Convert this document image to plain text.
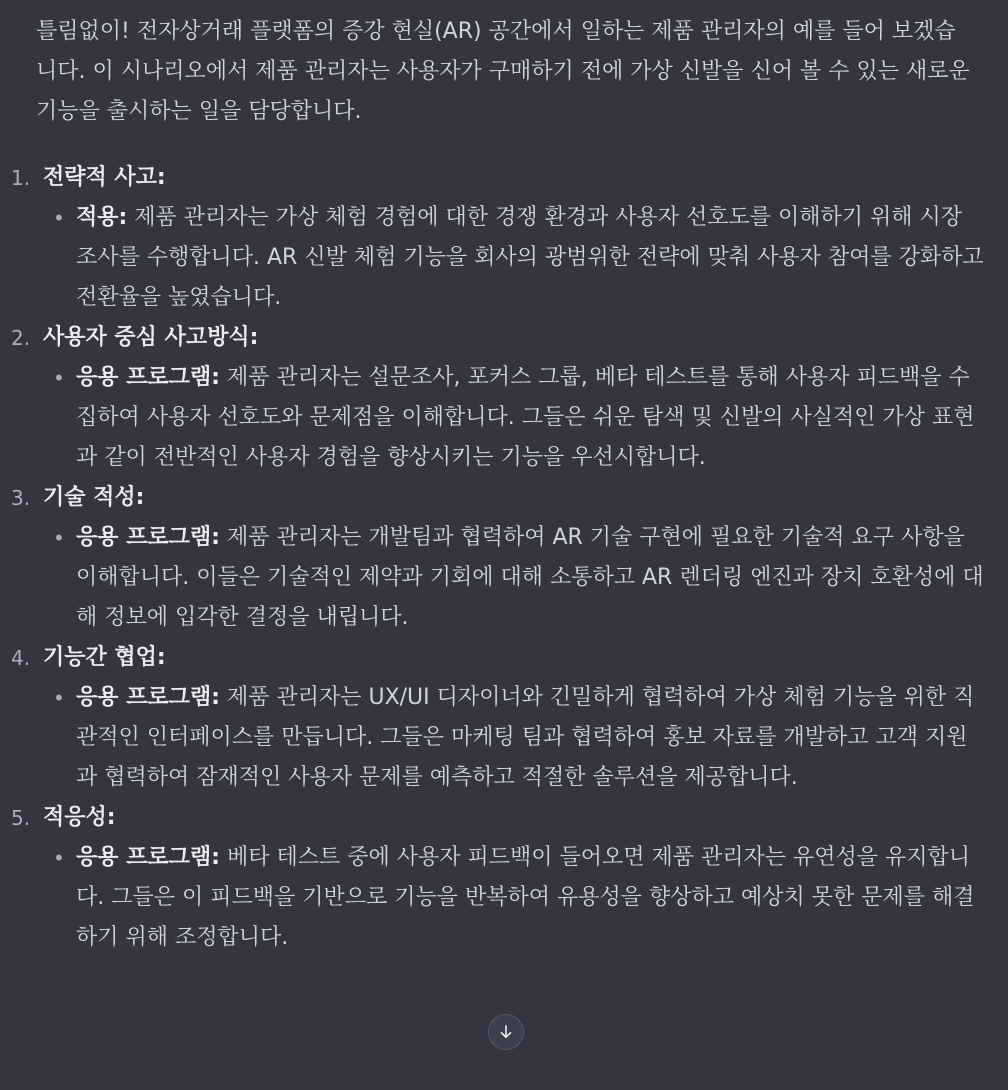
틀림없이! 전자상거래 플랫폼의 증강 현실(AR) 공간에서 일하는 제품 관리자의 예를 들어 보겠습니다. 이 시나리오에서 제품 관리자는 사용자가 구매하기 전에 가상 신발을 신어 볼 수 있는 새로운 기능을 출시하는 일을 담당합니다.

1. 전략적 사고:
• 적용: 제품 관리자는 가상 체험 경험에 대한 경쟁 환경과 사용자 선호도를 이해하기 위해 시장 조사를 수행합니다. AR 신발 체험 기능을 회사의 광범위한 전략에 맞춰 사용자 참여를 강화하고 전환율을 높였습니다.
2. 사용자 중심 사고방식:
• 응용 프로그램: 제품 관리자는 설문조사, 포커스 그룹, 베타 테스트를 통해 사용자 피드백을 수집하여 사용자 선호도와 문제점을 이해합니다. 그들은 쉬운 탐색 및 신발의 사실적인 가상 표현과 같이 전반적인 사용자 경험을 향상시키는 기능을 우선시합니다.
3. 기술 적성:
• 응용 프로그램: 제품 관리자는 개발팀과 협력하여 AR 기술 구현에 필요한 기술적 요구 사항을 이해합니다. 이들은 기술적인 제약과 기회에 대해 소통하고 AR 렌더링 엔진과 장치 호환성에 대해 정보에 입각한 결정을 내립니다.
4. 기능간 협업:
• 응용 프로그램: 제품 관리자는 UX/UI 디자이너와 긴밀하게 협력하여 가상 체험 기능을 위한 직관적인 인터페이스를 만듭니다. 그들은 마케팅 팀과 협력하여 홍보 자료를 개발하고 고객 지원과 협력하여 잠재적인 사용자 문제를 예측하고 적절한 솔루션을 제공합니다.
5. 적응성:
• 응용 프로그램: 베타 테스트 중에 사용자 피드백이 들어오면 제품 관리자는 유연성을 유지합니다. 그들은 이 피드백을 기반으로 기능을 반복하여 유용성을 향상하고 예상치 못한 문제를 해결하기 위해 조정합니다.
